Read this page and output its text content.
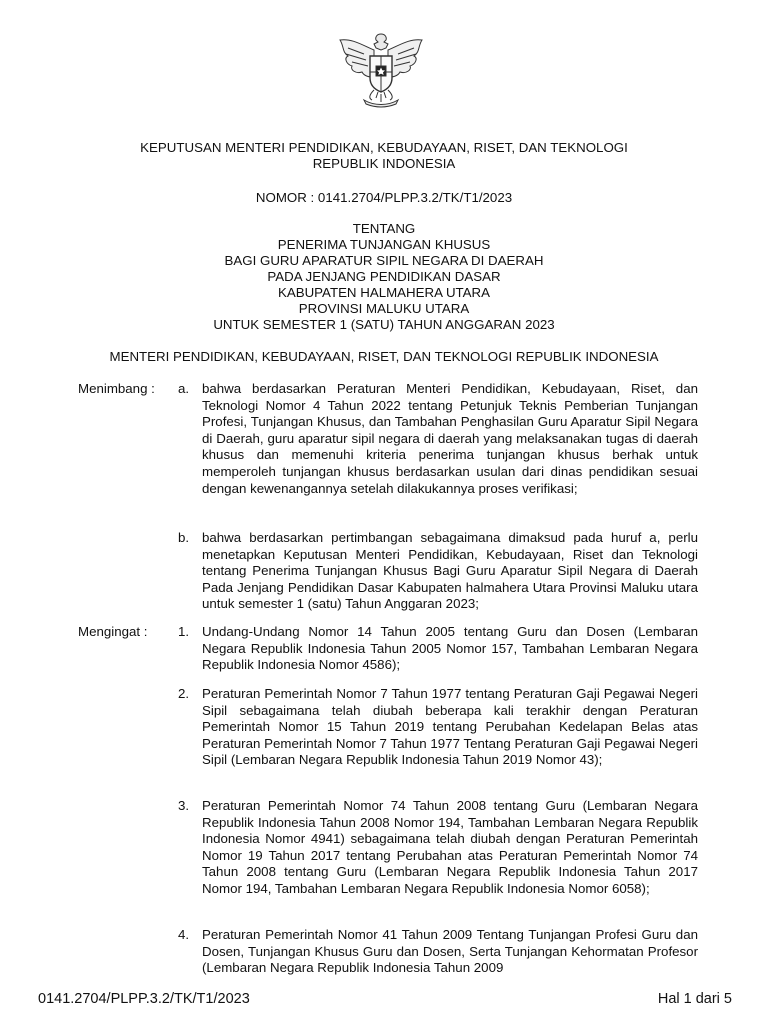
KEPUTUSAN MENTERI PENDIDIKAN, KEBUDAYAAN, RISET, DAN TEKNOLOGI
REPUBLIK INDONESIA
NOMOR : 0141.2704/PLPP.3.2/TK/T1/2023
TENTANG
PENERIMA TUNJANGAN KHUSUS
BAGI GURU APARATUR SIPIL NEGARA DI DAERAH
PADA JENJANG PENDIDIKAN DASAR
KABUPATEN HALMAHERA UTARA
PROVINSI MALUKU UTARA
UNTUK SEMESTER 1 (SATU) TAHUN ANGGARAN 2023
MENTERI PENDIDIKAN, KEBUDAYAAN, RISET, DAN TEKNOLOGI REPUBLIK INDONESIA
Menimbang : a. bahwa berdasarkan Peraturan Menteri Pendidikan, Kebudayaan, Riset, dan Teknologi Nomor 4 Tahun 2022 tentang Petunjuk Teknis Pemberian Tunjangan Profesi, Tunjangan Khusus, dan Tambahan Penghasilan Guru Aparatur Sipil Negara di Daerah, guru aparatur sipil negara di daerah yang melaksanakan tugas di daerah khusus dan memenuhi kriteria penerima tunjangan khusus berhak untuk memperoleh tunjangan khusus berdasarkan usulan dari dinas pendidikan sesuai dengan kewenangannya setelah dilakukannya proses verifikasi;
b. bahwa berdasarkan pertimbangan sebagaimana dimaksud pada huruf a, perlu menetapkan Keputusan Menteri Pendidikan, Kebudayaan, Riset dan Teknologi tentang Penerima Tunjangan Khusus Bagi Guru Aparatur Sipil Negara di Daerah Pada Jenjang Pendidikan Dasar Kabupaten halmahera Utara Provinsi Maluku utara untuk semester 1 (satu) Tahun Anggaran 2023;
Mengingat : 1. Undang-Undang Nomor 14 Tahun 2005 tentang Guru dan Dosen (Lembaran Negara Republik Indonesia Tahun 2005 Nomor 157, Tambahan Lembaran Negara Republik Indonesia Nomor 4586);
2. Peraturan Pemerintah Nomor 7 Tahun 1977 tentang Peraturan Gaji Pegawai Negeri Sipil sebagaimana telah diubah beberapa kali terakhir dengan Peraturan Pemerintah Nomor 15 Tahun 2019 tentang Perubahan Kedelapan Belas atas Peraturan Pemerintah Nomor 7 Tahun 1977 Tentang Peraturan Gaji Pegawai Negeri Sipil (Lembaran Negara Republik Indonesia Tahun 2019 Nomor 43);
3. Peraturan Pemerintah Nomor 74 Tahun 2008 tentang Guru (Lembaran Negara Republik Indonesia Tahun 2008 Nomor 194, Tambahan Lembaran Negara Republik Indonesia Nomor 4941) sebagaimana telah diubah dengan Peraturan Pemerintah Nomor 19 Tahun 2017 tentang Perubahan atas Peraturan Pemerintah Nomor 74 Tahun 2008 tentang Guru (Lembaran Negara Republik Indonesia Tahun 2017 Nomor 194, Tambahan Lembaran Negara Republik Indonesia Nomor 6058);
4. Peraturan Pemerintah Nomor 41 Tahun 2009 Tentang Tunjangan Profesi Guru dan Dosen, Tunjangan Khusus Guru dan Dosen, Serta Tunjangan Kehormatan Profesor (Lembaran Negara Republik Indonesia Tahun 2009
0141.2704/PLPP.3.2/TK/T1/2023	Hal 1 dari 5
